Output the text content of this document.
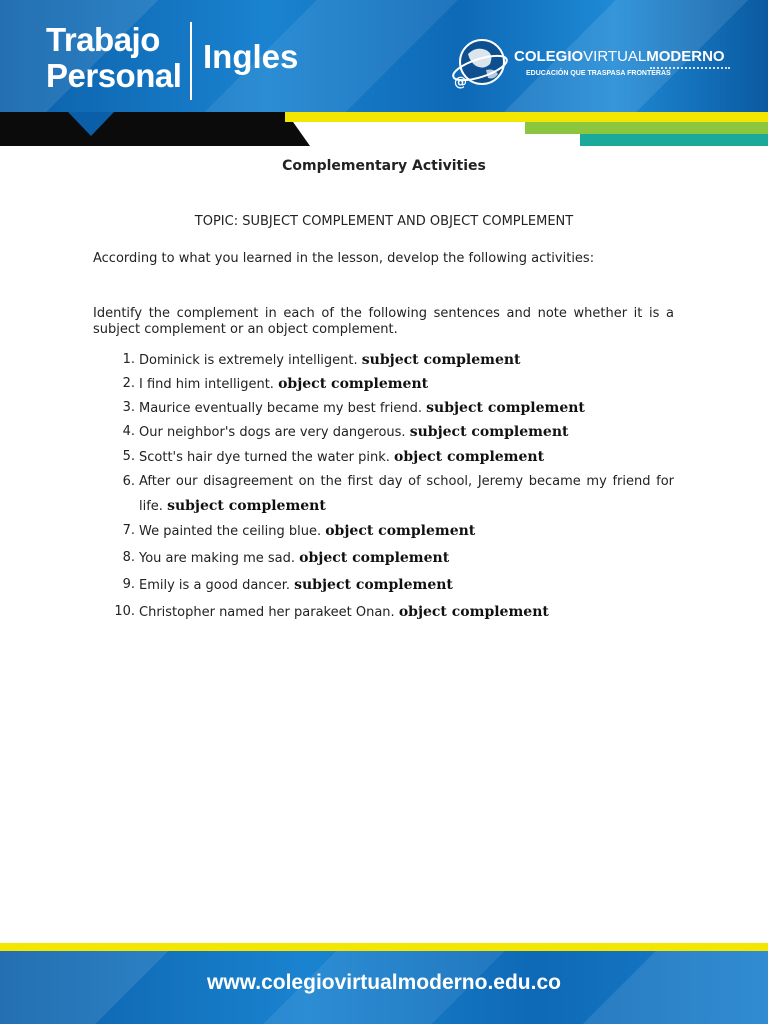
Trabajo
Personal
Ingles
@
COLEGIOVIRTUALMODERNO
EDUCACIÓN QUE TRASPASA FRONTERAS
Complementary Activities
TOPIC: SUBJECT COMPLEMENT AND OBJECT COMPLEMENT
According to what you learned in the lesson, develop the following activities:
Identify the complement in each of the following sentences and note whether it is a subject complement or an object complement.
1. Dominick is extremely intelligent. subject complement
2. I find him intelligent. object complement
3. Maurice eventually became my best friend. subject complement
4. Our neighbor's dogs are very dangerous. subject complement
5. Scott's hair dye turned the water pink. object complement
6. After our disagreement on the first day of school, Jeremy became my friend for life. subject complement
7. We painted the ceiling blue. object complement
8. You are making me sad. object complement
9. Emily is a good dancer. subject complement
10. Christopher named her parakeet Onan. object complement
www.colegiovirtualmoderno.edu.co
